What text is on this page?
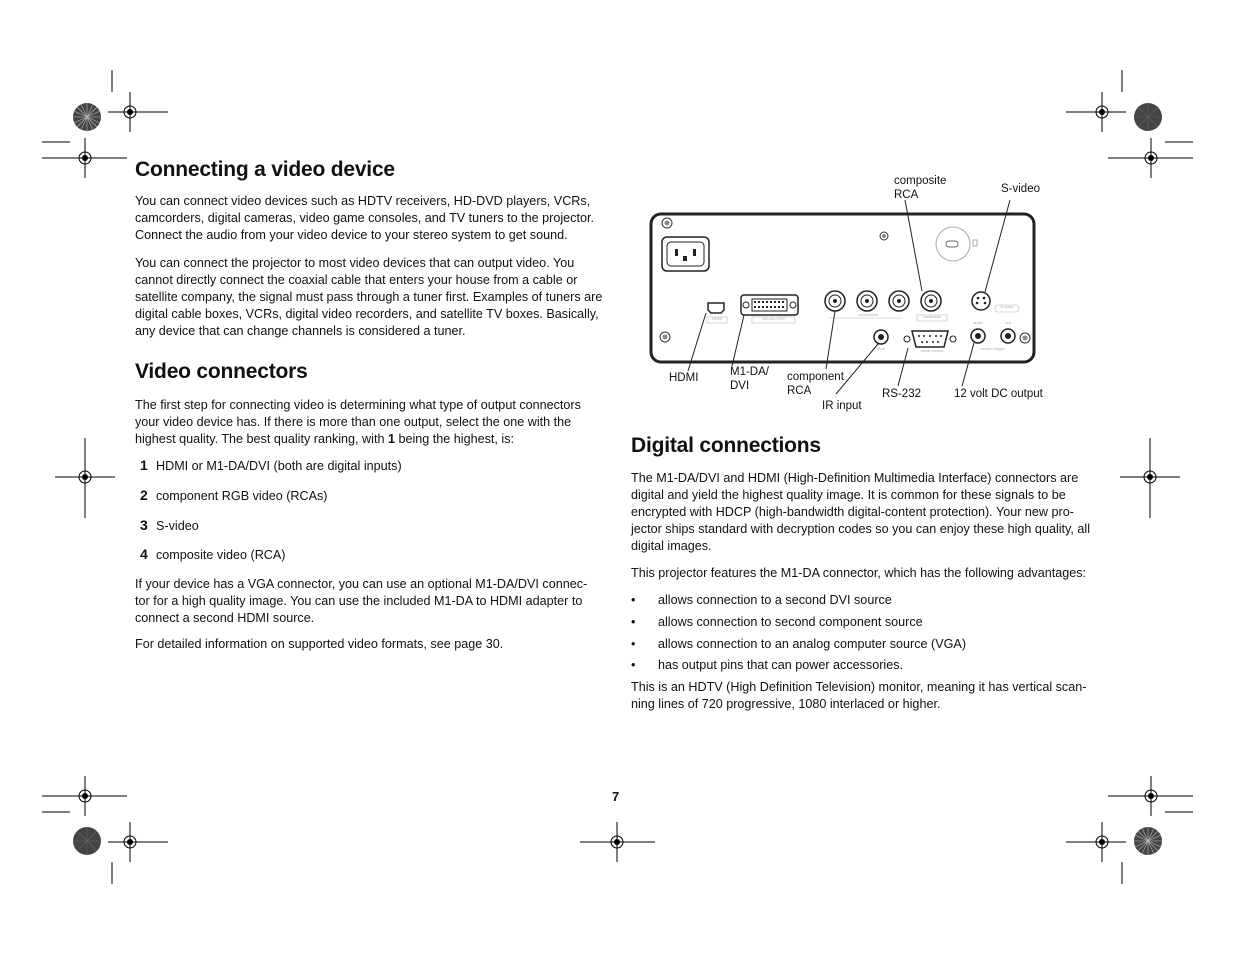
Connecting a video device

You can connect video devices such as HDTV receivers, HD-DVD players, VCRs, camcorders, digital cameras, video game consoles, and TV tuners to the projector. Connect the audio from your video device to your stereo system to get sound.

You can connect the projector to most video devices that can output video. You cannot directly connect the coaxial cable that enters your house from a cable or satellite company, the signal must pass through a tuner first. Examples of tuners are digital cable boxes, VCRs, digital video recorders, and satellite TV boxes. Basically, any device that can change channels is considered a tuner.

Video connectors

The first step for connecting video is determining what type of output connectors your video device has. If there is more than one output, select the one with the highest quality. The best quality ranking, with 1 being the highest, is:

1 HDMI or M1-DA/DVI (both are digital inputs)
2 component RGB video (RCAs)
3 S-video
4 composite video (RCA)

If your device has a VGA connector, you can use an optional M1-DA/DVI connec-

tor for a high quality image. You can use the included M1-DA to HDMI adapter to

connect a second HDMI source.

For detailed information on supported video formats, see page 30.

HDMI	M1-DA / DVI
component	composite
S-video
IR in	serial control
audio	out
screen trigger
composite
RCA	S-video
HDMI	M1-DA/
DVI
component
RCA
IR input
RS-232	12 volt DC output
Digital connections

The M1-DA/DVI and HDMI (High-Definition Multimedia Interface) connectors are

digital and yield the highest quality image. It is common for these signals to be

encrypted with HDCP (high-bandwidth digital-content protection). Your new pro-

jector ships standard with decryption codes so you can enjoy these high quality, all

digital images.

This projector features the M1-DA connector, which has the following advantages:

• allows connection to a second DVI source
• allows connection to second component source
• allows connection to an analog computer source (VGA)
• has output pins that can power accessories.

This is an HDTV (High Definition Television) monitor, meaning it has vertical scan-

ning lines of 720 progressive, 1080 interlaced or higher.

7
